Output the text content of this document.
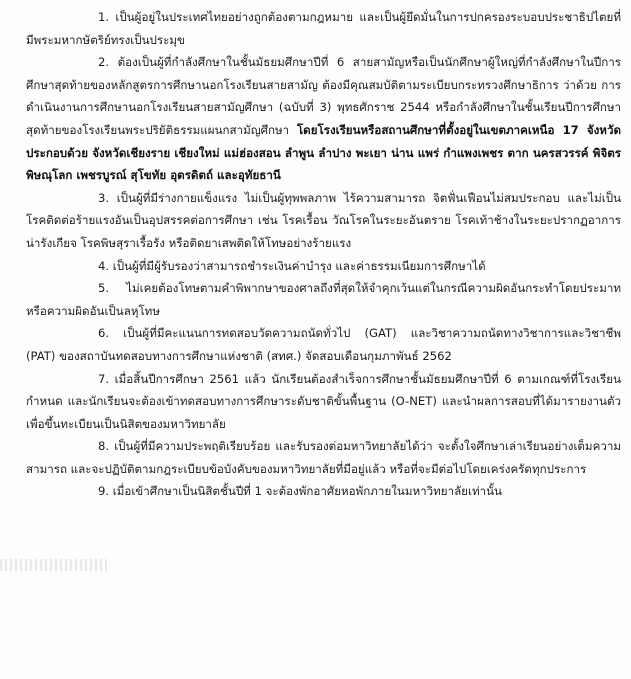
1. เป็นผู้อยู่ในประเทศไทยอย่างถูกต้องตามกฎหมาย และเป็นผู้ยึดมั่นในการปกครองระบอบประชาธิปไตยที่มีพระมหากษัตริย์ทรงเป็นประมุข

2. ต้องเป็นผู้ที่กำลังศึกษาในชั้นมัธยมศึกษาปีที่ 6 สายสามัญหรือเป็นนักศึกษาผู้ใหญ่ที่กำลังศึกษาในปีการศึกษาสุดท้ายของหลักสูตรการศึกษานอกโรงเรียนสายสามัญ ต้องมีคุณสมบัติตามระเบียบกระทรวงศึกษาธิการ ว่าด้วย การดำเนินงานการศึกษานอกโรงเรียนสายสามัญศึกษา (ฉบับที่ 3) พุทธศักราช 2544 หรือกำลังศึกษาในชั้นเรียนปีการศึกษาสุดท้ายของโรงเรียนพระปริยัติธรรมแผนกสามัญศึกษา โดยโรงเรียนหรือสถานศึกษาที่ตั้งอยู่ในเขตภาคเหนือ 17 จังหวัด ประกอบด้วย จังหวัดเชียงราย เชียงใหม่ แม่ฮ่องสอน ลำพูน ลำปาง พะเยา น่าน แพร่ กำแพงเพชร ตาก นครสวรรค์ พิจิตร พิษณุโลก เพชรบูรณ์ สุโขทัย อุตรดิตถ์ และอุทัยธานี

3. เป็นผู้ที่มีร่างกายแข็งแรง ไม่เป็นผู้ทุพพลภาพ ไร้ความสามารถ จิตฟั่นเฟือนไม่สมประกอบ และไม่เป็นโรคติดต่อร้ายแรงอันเป็นอุปสรรคต่อการศึกษา เช่น โรคเรื้อน วัณโรคในระยะอันตราย โรคเท้าช้างในระยะปรากฏอาการ น่ารังเกียจ โรคพิษสุราเรื้อรัง หรือติดยาเสพติดให้โทษอย่างร้ายแรง

4. เป็นผู้ที่มีผู้รับรองว่าสามารถชำระเงินค่าบำรุง และค่าธรรมเนียมการศึกษาได้

5. ไม่เคยต้องโทษตามคำพิพากษาของศาลถึงที่สุดให้จำคุกเว้นแต่ในกรณีความผิดอันกระทำโดยประมาทหรือความผิดอันเป็นลหุโทษ

6. เป็นผู้ที่มีคะแนนการทดสอบวัดความถนัดทั่วไป (GAT) และวิชาความถนัดทางวิชาการและวิชาชีพ (PAT) ของสถาบันทดสอบทางการศึกษาแห่งชาติ (สทศ.) จัดสอบเดือนกุมภาพันธ์ 2562

7. เมื่อสิ้นปีการศึกษา 2561 แล้ว นักเรียนต้องสำเร็จการศึกษาชั้นมัธยมศึกษาปีที่ 6 ตามเกณฑ์ที่โรงเรียนกำหนด และนักเรียนจะต้องเข้าทดสอบทางการศึกษาระดับชาติขั้นพื้นฐาน (O-NET) และนำผลการสอบที่ได้มารายงานตัวเพื่อขึ้นทะเบียนเป็นนิสิตของมหาวิทยาลัย

8. เป็นผู้ที่มีความประพฤติเรียบร้อย และรับรองต่อมหาวิทยาลัยได้ว่า จะตั้งใจศึกษาเล่าเรียนอย่างเต็มความสามารถ และจะปฏิบัติตามกฎระเบียบข้อบังคับของมหาวิทยาลัยที่มีอยู่แล้ว หรือที่จะมีต่อไปโดยเคร่งครัดทุกประการ

9. เมื่อเข้าศึกษาเป็นนิสิตชั้นปีที่ 1 จะต้องพักอาศัยหอพักภายในมหาวิทยาลัยเท่านั้น
